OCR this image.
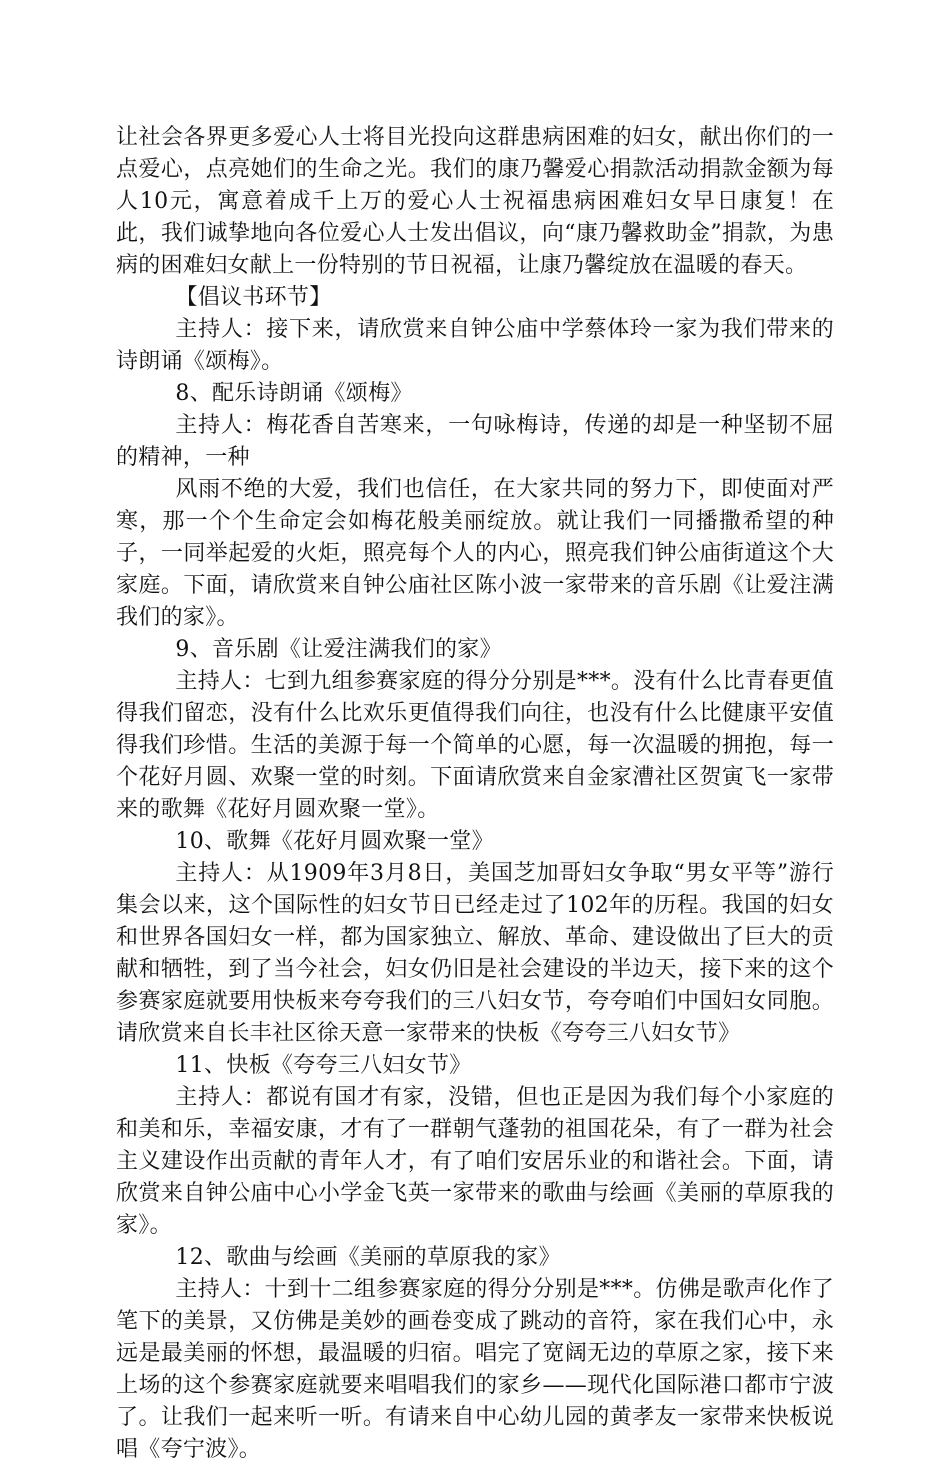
让社会各界更多爱心人士将目光投向这群患病困难的妇女，献出你们的一点爱心，点亮她们的生命之光。我们的康乃馨爱心捐款活动捐款金额为每人10元，寓意着成千上万的爱心人士祝福患病困难妇女早日康复！在此，我们诚挚地向各位爱心人士发出倡议，向“康乃馨救助金”捐款，为患病的困难妇女献上一份特别的节日祝福，让康乃馨绽放在温暖的春天。

【倡议书环节】

主持人：接下来，请欣赏来自钟公庙中学蔡体玲一家为我们带来的诗朗诵《颂梅》。

8、配乐诗朗诵《颂梅》

主持人：梅花香自苦寒来，一句咏梅诗，传递的却是一种坚韧不屈的精神，一种

风雨不绝的大爱，我们也信任，在大家共同的努力下，即使面对严寒，那一个个生命定会如梅花般美丽绽放。就让我们一同播撒希望的种子，一同举起爱的火炬，照亮每个人的内心，照亮我们钟公庙街道这个大家庭。下面，请欣赏来自钟公庙社区陈小波一家带来的音乐剧《让爱注满我们的家》。

9、音乐剧《让爱注满我们的家》

主持人：七到九组参赛家庭的得分分别是***。没有什么比青春更值得我们留恋，没有什么比欢乐更值得我们向往，也没有什么比健康平安值得我们珍惜。生活的美源于每一个简单的心愿，每一次温暖的拥抱，每一个花好月圆、欢聚一堂的时刻。下面请欣赏来自金家漕社区贺寅飞一家带来的歌舞《花好月圆欢聚一堂》。

10、歌舞《花好月圆欢聚一堂》

主持人：从1909年3月8日，美国芝加哥妇女争取“男女平等”游行集会以来，这个国际性的妇女节日已经走过了102年的历程。我国的妇女和世界各国妇女一样，都为国家独立、解放、革命、建设做出了巨大的贡献和牺牲，到了当今社会，妇女仍旧是社会建设的半边天，接下来的这个参赛家庭就要用快板来夸夸我们的三八妇女节，夸夸咱们中国妇女同胞。请欣赏来自长丰社区徐天意一家带来的快板《夸夸三八妇女节》

11、快板《夸夸三八妇女节》

主持人：都说有国才有家，没错，但也正是因为我们每个小家庭的和美和乐，幸福安康，才有了一群朝气蓬勃的祖国花朵，有了一群为社会主义建设作出贡献的青年人才，有了咱们安居乐业的和谐社会。下面，请欣赏来自钟公庙中心小学金飞英一家带来的歌曲与绘画《美丽的草原我的家》。

12、歌曲与绘画《美丽的草原我的家》

主持人：十到十二组参赛家庭的得分分别是***。仿佛是歌声化作了笔下的美景，又仿佛是美妙的画卷变成了跳动的音符，家在我们心中，永远是最美丽的怀想，最温暖的归宿。唱完了宽阔无边的草原之家，接下来上场的这个参赛家庭就要来唱唱我们的家乡——现代化国际港口都市宁波了。让我们一起来听一听。有请来自中心幼儿园的黄孝友一家带来快板说唱《夸宁波》。
